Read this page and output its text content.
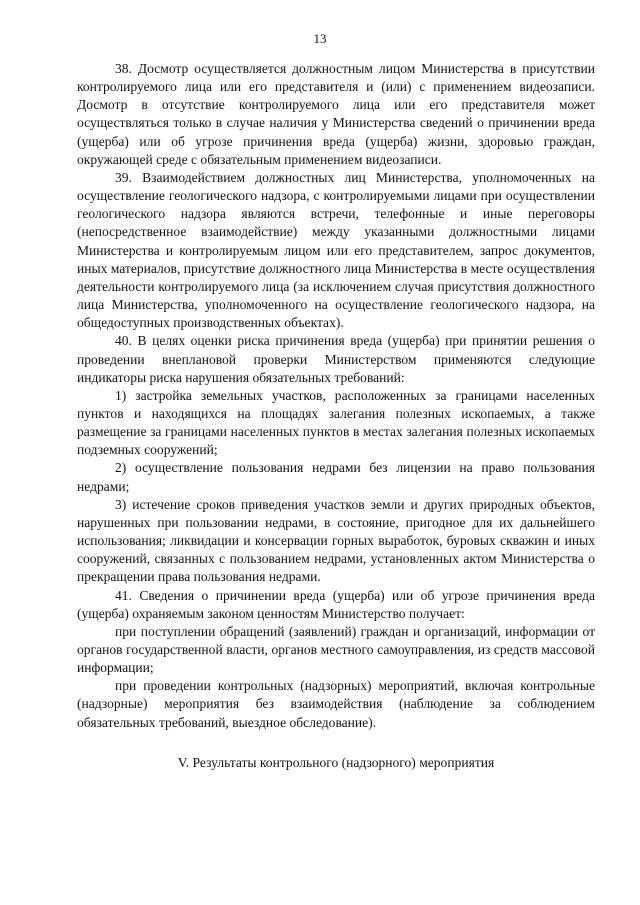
13

38. Досмотр осуществляется должностным лицом Министерства в присутствии контролируемого лица или его представителя и (или) с применением видеозаписи. Досмотр в отсутствие контролируемого лица или его представителя может осуществляться только в случае наличия у Министерства сведений о причинении вреда (ущерба) или об угрозе причинения вреда (ущерба) жизни, здоровью граждан, окружающей среде с обязательным применением видеозаписи.

39. Взаимодействием должностных лиц Министерства, уполномоченных на осуществление геологического надзора, с контролируемыми лицами при осуществлении геологического надзора являются встречи, телефонные и иные переговоры (непосредственное взаимодействие) между указанными должностными лицами Министерства и контролируемым лицом или его представителем, запрос документов, иных материалов, присутствие должностного лица Министерства в месте осуществления деятельности контролируемого лица (за исключением случая присутствия должностного лица Министерства, уполномоченного на осуществление геологического надзора, на общедоступных производственных объектах).

40. В целях оценки риска причинения вреда (ущерба) при принятии решения о проведении внеплановой проверки Министерством применяются следующие индикаторы риска нарушения обязательных требований:

1) застройка земельных участков, расположенных за границами населенных пунктов и находящихся на площадях залегания полезных ископаемых, а также размещение за границами населенных пунктов в местах залегания полезных ископаемых подземных сооружений;

2) осуществление пользования недрами без лицензии на право пользования недрами;

3) истечение сроков приведения участков земли и других природных объектов, нарушенных при пользовании недрами, в состояние, пригодное для их дальнейшего использования; ликвидации и консервации горных выработок, буровых скважин и иных сооружений, связанных с пользованием недрами, установленных актом Министерства о прекращении права пользования недрами.

41. Сведения о причинении вреда (ущерба) или об угрозе причинения вреда (ущерба) охраняемым законом ценностям Министерство получает:

при поступлении обращений (заявлений) граждан и организаций, информации от органов государственной власти, органов местного самоуправления, из средств массовой информации;

при проведении контрольных (надзорных) мероприятий, включая контрольные (надзорные) мероприятия без взаимодействия (наблюдение за соблюдением обязательных требований, выездное обследование).

V. Результаты контрольного (надзорного) мероприятия
